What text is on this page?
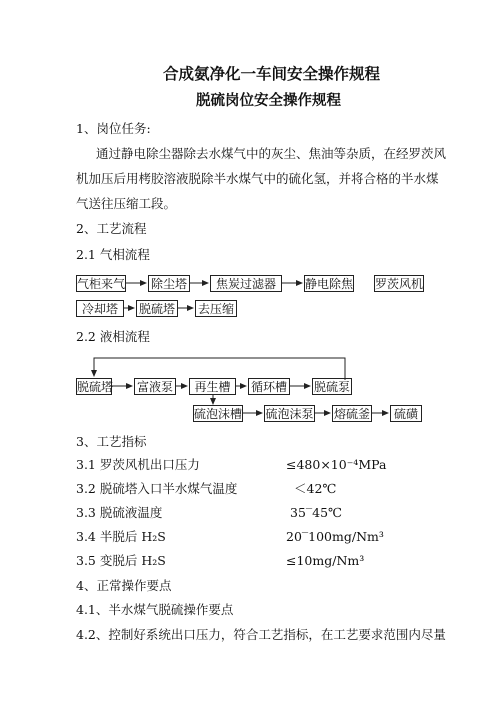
合成氨净化一车间安全操作规程
脱硫岗位安全操作规程
1、岗位任务:
通过静电除尘器除去水煤气中的灰尘、焦油等杂质，在经罗茨风
机加压后用栲胶溶液脱除半水煤气中的硫化氢，并将合格的半水煤
气送往压缩工段。
2、工艺流程
2.1 气相流程
气柜来气 除尘塔	焦炭过滤器	静电除焦 罗茨风机
冷却塔	脱硫塔 去压缩
2.2 液相流程
脱硫塔 富液泵	再生槽	循环槽 脱硫泵
硫泡沫槽 硫泡沫泵 熔硫釜	硫磺
3、工艺指标
3.1 罗茨风机出口压力	≤480×10⁻⁴MPa
3.2 脱硫塔入口半水煤气温度	＜42℃
3.3 脱硫液温度	35‾45℃
3.4 半脱后 H₂S	20‾100mg/Nm³
3.5 变脱后 H₂S	≤10mg/Nm³
4、正常操作要点
4.1、半水煤气脱硫操作要点
4.2、控制好系统出口压力，符合工艺指标，在工艺要求范围内尽量
